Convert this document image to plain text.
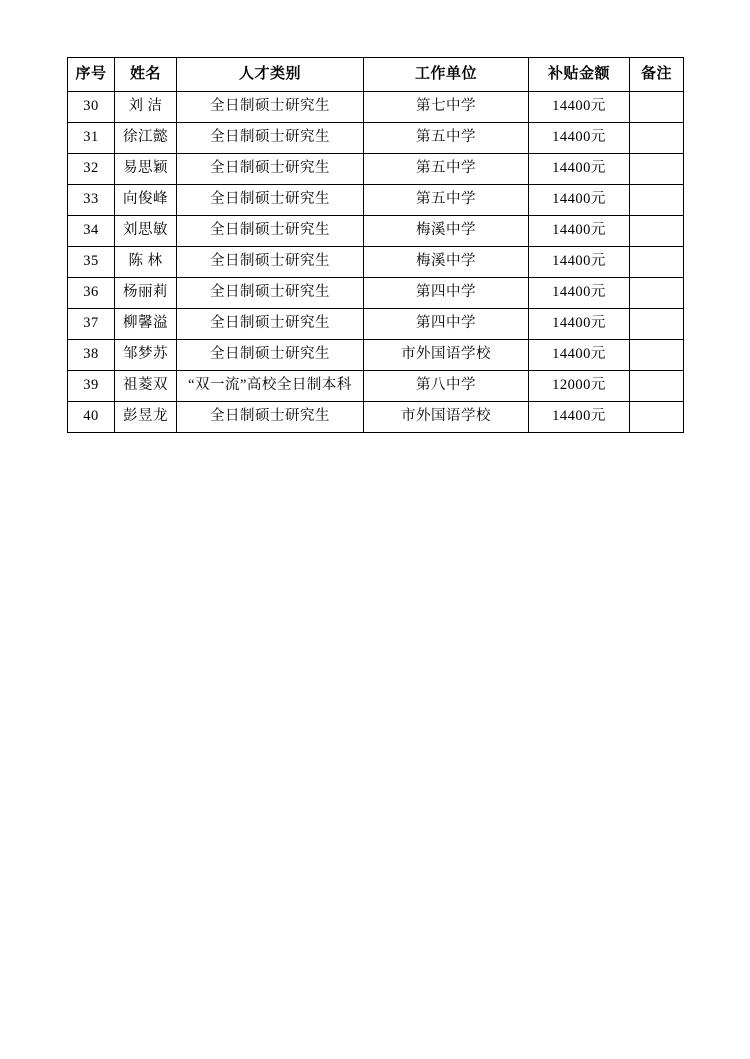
序号	姓名	人才类别	工作单位	补贴金额	备注
30	刘 洁	全日制硕士研究生	第七中学	14400元	
31	徐江懿	全日制硕士研究生	第五中学	14400元	
32	易思颖	全日制硕士研究生	第五中学	14400元	
33	向俊峰	全日制硕士研究生	第五中学	14400元	
34	刘思敏	全日制硕士研究生	梅溪中学	14400元	
35	陈 林	全日制硕士研究生	梅溪中学	14400元	
36	杨丽莉	全日制硕士研究生	第四中学	14400元	
37	柳馨溢	全日制硕士研究生	第四中学	14400元	
38	邹梦苏	全日制硕士研究生	市外国语学校	14400元	
39	祖菱双	“双一流”高校全日制本科	第八中学	12000元	
40	彭昱龙	全日制硕士研究生	市外国语学校	14400元	
